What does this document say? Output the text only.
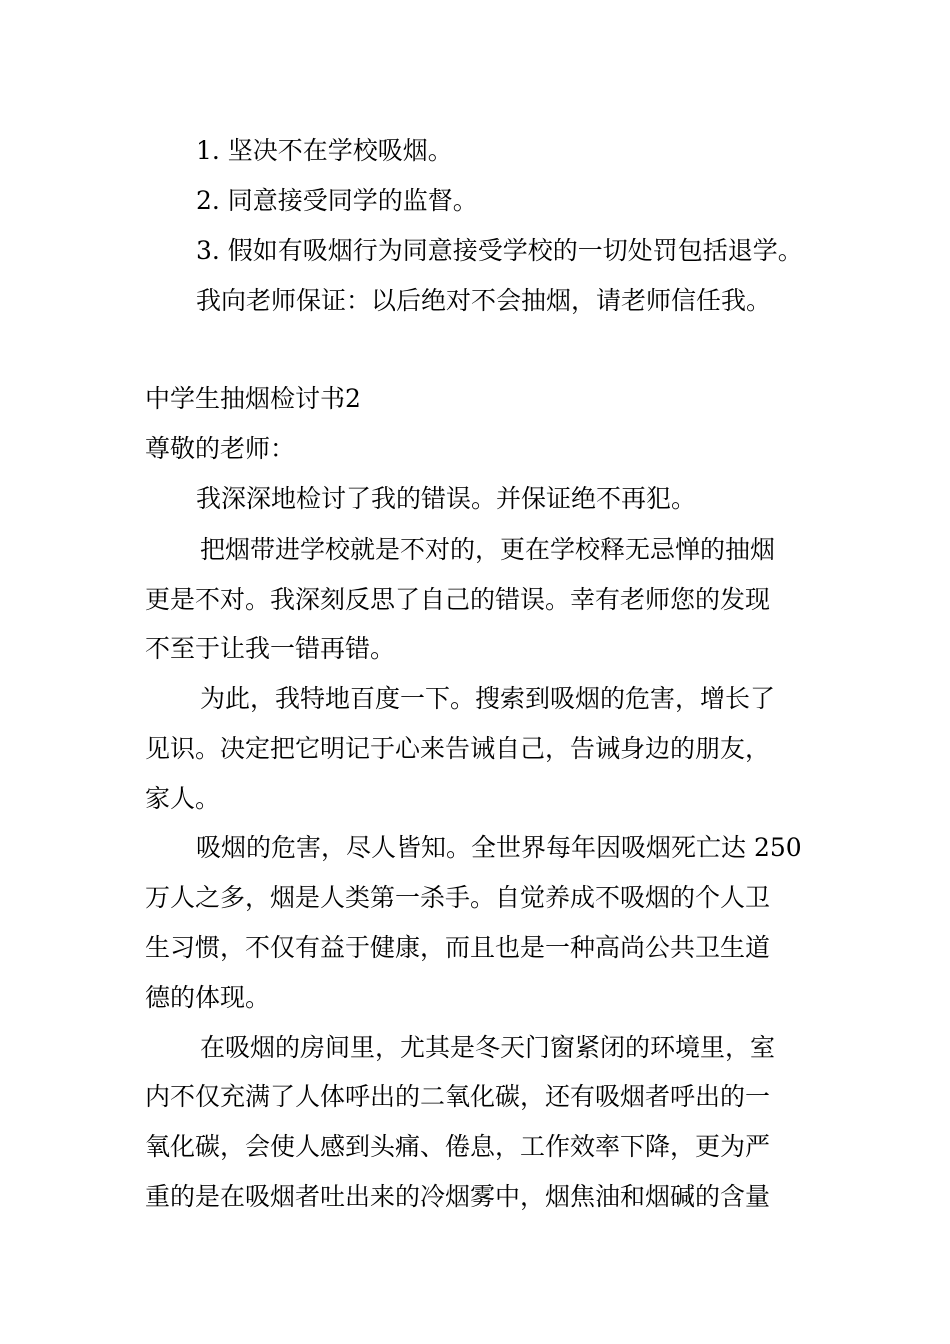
1. 坚决不在学校吸烟。
2. 同意接受同学的监督。
3. 假如有吸烟行为同意接受学校的一切处罚包括退学。
我向老师保证：以后绝对不会抽烟，请老师信任我。
中学生抽烟检讨书2
尊敬的老师：
我深深地检讨了我的错误。并保证绝不再犯。
把烟带进学校就是不对的，更在学校释无忌惮的抽烟
更是不对。我深刻反思了自己的错误。幸有老师您的发现
不至于让我一错再错。
为此，我特地百度一下。搜索到吸烟的危害，增长了
见识。决定把它明记于心来告诫自己，告诫身边的朋友，
家人。
吸烟的危害，尽人皆知。全世界每年因吸烟死亡达 250
万人之多，烟是人类第一杀手。自觉养成不吸烟的个人卫
生习惯，不仅有益于健康，而且也是一种高尚公共卫生道
德的体现。
在吸烟的房间里，尤其是冬天门窗紧闭的环境里，室
内不仅充满了人体呼出的二氧化碳，还有吸烟者呼出的一
氧化碳，会使人感到头痛、倦息，工作效率下降，更为严
重的是在吸烟者吐出来的冷烟雾中，烟焦油和烟碱的含量
